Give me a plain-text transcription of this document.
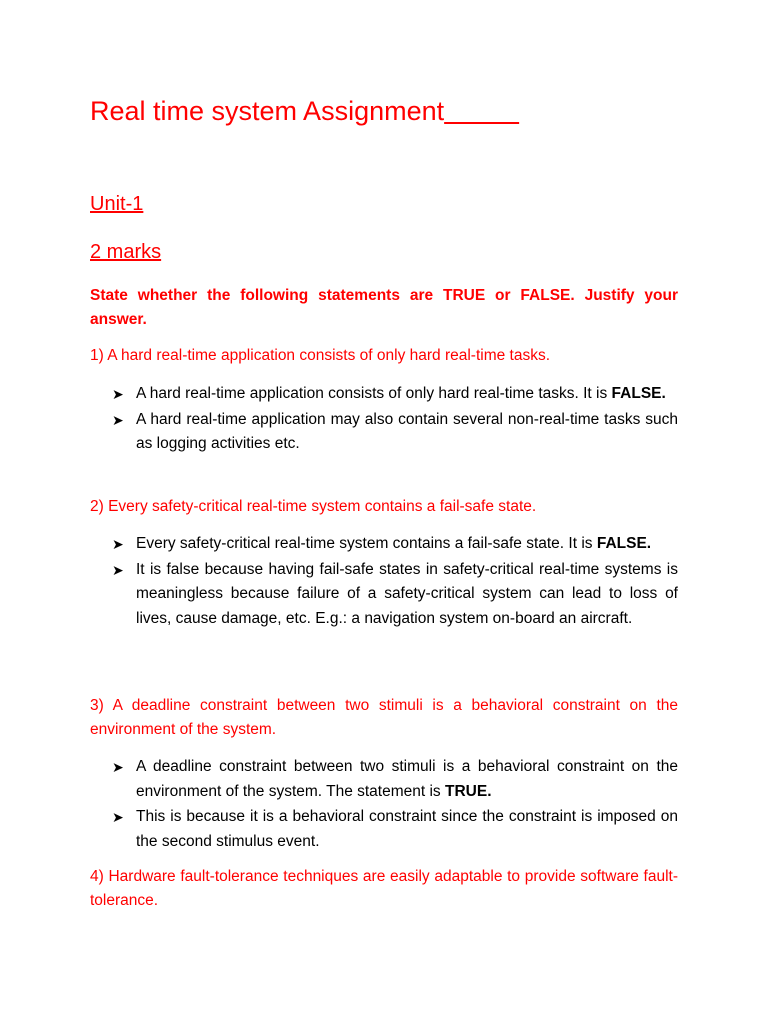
Real time system Assignment
Unit-1
2 marks

State whether the following statements are TRUE or FALSE. Justify your answer.

1) A hard real-time application consists of only hard real-time tasks.

➤ A hard real-time application consists of only hard real-time tasks. It is FALSE.
➤ A hard real-time application may also contain several non-real-time tasks such as logging activities etc.

2) Every safety-critical real-time system contains a fail-safe state.

➤ Every safety-critical real-time system contains a fail-safe state. It is FALSE.
➤ It is false because having fail-safe states in safety-critical real-time systems is meaningless because failure of a safety-critical system can lead to loss of lives, cause damage, etc. E.g.: a navigation system on-board an aircraft.

3) A deadline constraint between two stimuli is a behavioral constraint on the environment of the system.

➤ A deadline constraint between two stimuli is a behavioral constraint on the environment of the system. The statement is TRUE.
➤ This is because it is a behavioral constraint since the constraint is imposed on the second stimulus event.

4) Hardware fault-tolerance techniques are easily adaptable to provide software fault-tolerance.
